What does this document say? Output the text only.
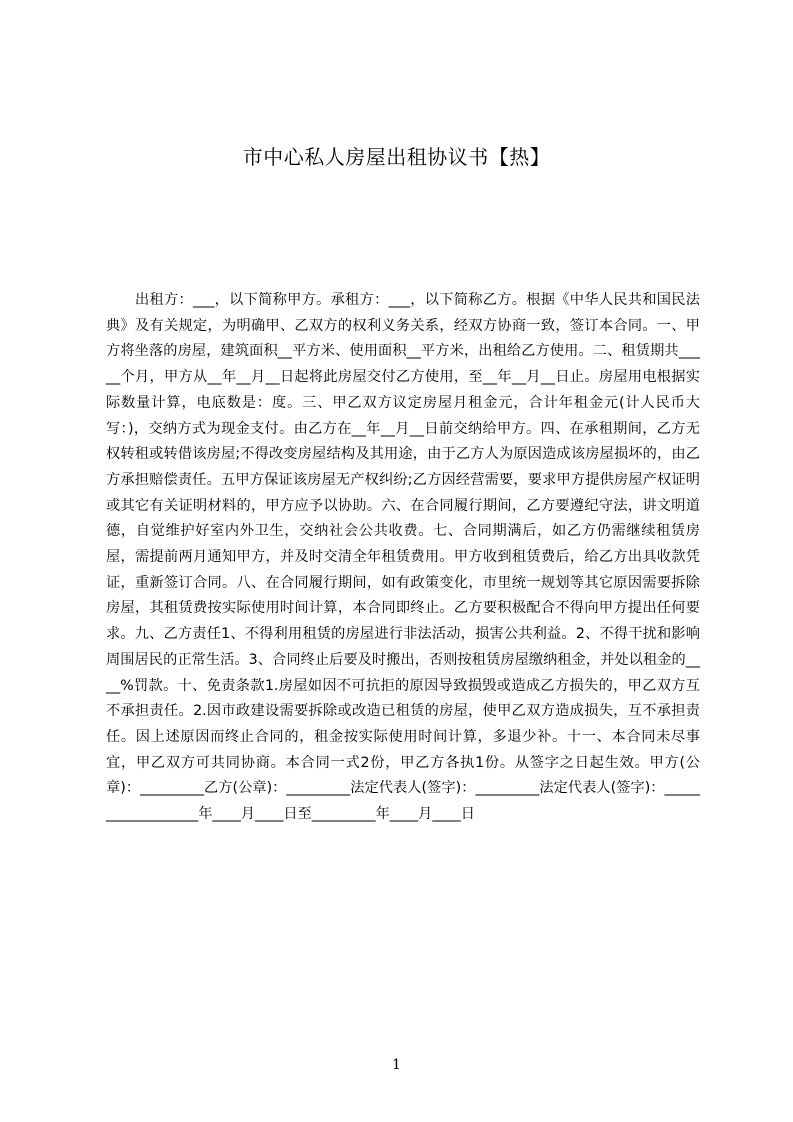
市中心私人房屋出租协议书【热】

出租方：___，以下简称甲方。承租方：___，以下简称乙方。根据《中华人民共和国民法典》及有关规定，为明确甲、乙双方的权利义务关系，经双方协商一致，签订本合同。一、甲方将坐落的房屋，建筑面积__平方米、使用面积__平方米，出租给乙方使用。二、租赁期共_____个月，甲方从__年__月__日起将此房屋交付乙方使用，至__年__月__日止。房屋用电根据实际数量计算，电底数是：度。三、甲乙双方议定房屋月租金元，合计年租金元(计人民币大写：)，交纳方式为现金支付。由乙方在__年__月__日前交纳给甲方。四、在承租期间，乙方无权转租或转借该房屋;不得改变房屋结构及其用途，由于乙方人为原因造成该房屋损坏的，由乙方承担赔偿责任。五甲方保证该房屋无产权纠纷;乙方因经营需要，要求甲方提供房屋产权证明或其它有关证明材料的，甲方应予以协助。六、在合同履行期间，乙方要遵纪守法，讲文明道德，自觉维护好室内外卫生，交纳社会公共收费。七、合同期满后，如乙方仍需继续租赁房屋，需提前两月通知甲方，并及时交清全年租赁费用。甲方收到租赁费后，给乙方出具收款凭证，重新签订合同。八、在合同履行期间，如有政策变化，市里统一规划等其它原因需要拆除房屋，其租赁费按实际使用时间计算，本合同即终止。乙方要积极配合不得向甲方提出任何要求。九、乙方责任1、不得利用租赁的房屋进行非法活动，损害公共利益。2、不得干扰和影响周围居民的正常生活。3、合同终止后要及时搬出，否则按租赁房屋缴纳租金，并处以租金的____%罚款。十、免责条款1.房屋如因不可抗拒的原因导致损毁或造成乙方损失的，甲乙双方互不承担责任。2.因市政建设需要拆除或改造已租赁的房屋，使甲乙双方造成损失，互不承担责任。因上述原因而终止合同的，租金按实际使用时间计算，多退少补。十一、本合同未尽事宜，甲乙双方可共同协商。本合同一式2份，甲乙方各执1份。从签字之日起生效。甲方(公章)：_________乙方(公章)：_________法定代表人(签字)：_________法定代表人(签字)：__________________年____月____日至_________年____月____日

1
